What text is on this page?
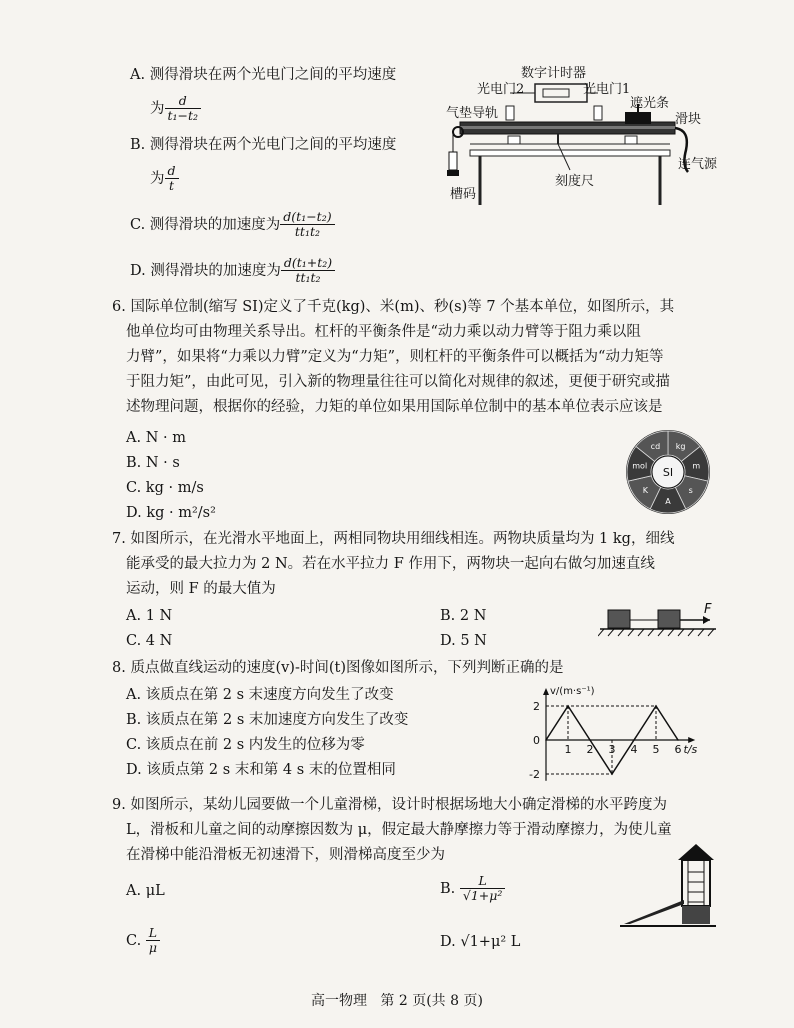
A. 测得滑块在两个光电门之间的平均速度
为 $\frac{d}{\text{t₁−t₂}}$
B. 测得滑块在两个光电门之间的平均速度
为 $\frac{d}{t}$
C. 测得滑块的加速度为 $\frac{\text{d(t₁−t₂)}}{\text{tt₁t₂}}$
D. 测得滑块的加速度为 $\frac{\text{d(t₁+t₂)}}{\text{tt₁t₂}}$
数字计时器
光电门2	光电门1
气垫导轨
遮光条
滑块
连气源
槽码
刻度尺
6. 国际单位制(缩写 SI)定义了千克(kg)、米(m)、秒(s)等 7 个基本单位，如图所示，其
他单位均可由物理关系导出。杠杆的平衡条件是“动力乘以动力臂等于阻力乘以阻
力臂”，如果将“力乘以力臂”定义为“力矩”，则杠杆的平衡条件可以概括为“动力矩等
于阻力矩”，由此可见，引入新的物理量往往可以简化对规律的叙述，更便于研究或描
述物理问题，根据你的经验，力矩的单位如果用国际单位制中的基本单位表示应该是
A. N · m
B. N · s
C. kg · m/s
D. kg · m²/s²
kg
m
s
A
K
mol
cd
SI
7. 如图所示，在光滑水平地面上，两相同物块用细线相连。两物块质量均为 1 kg，细线
能承受的最大拉力为 2 N。若在水平拉力 F 作用下，两物块一起向右做匀加速直线
运动，则 F 的最大值为
A. 1 N	B. 2 N
C. 4 N	D. 5 N
F
8. 质点做直线运动的速度(v)-时间(t)图像如图所示，下列判断正确的是
A. 该质点在第 2 s 末速度方向发生了改变
B. 该质点在第 2 s 末加速度方向发生了改变
C. 该质点在前 2 s 内发生的位移为零
D. 该质点第 2 s 末和第 4 s 末的位置相同
1 2 3 4 5 6
2
0
-2
v/(m·s⁻¹)
t/s
9. 如图所示，某幼儿园要做一个儿童滑梯，设计时根据场地大小确定滑梯的水平跨度为
L，滑板和儿童之间的动摩擦因数为 μ，假定最大静摩擦力等于滑动摩擦力，为使儿童
在滑梯中能沿滑板无初速滑下，则滑梯高度至少为
A. μL	B. $\frac{L}{\text{√1+μ²}}$
C. $\frac{L}{\mu}$	D. √1+μ² L
高一物理   第 2 页(共 8 页)
